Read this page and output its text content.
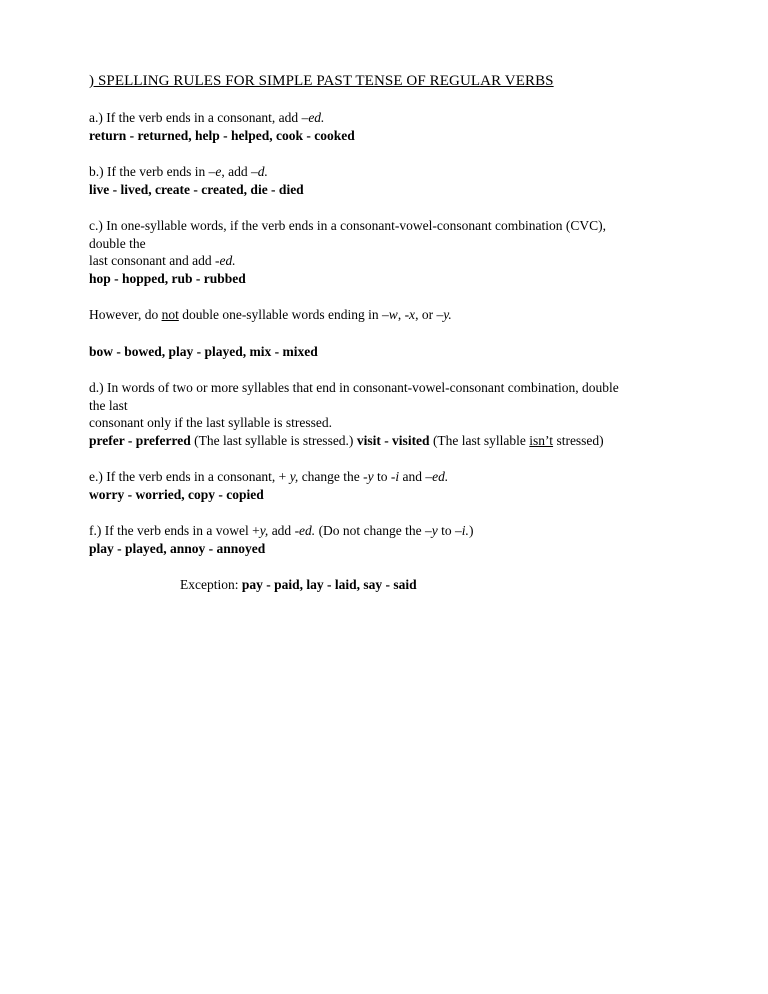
) SPELLING RULES FOR SIMPLE PAST TENSE OF REGULAR VERBS
a.) If the verb ends in a consonant, add –ed.
return - returned, help - helped, cook - cooked
b.) If the verb ends in –e, add –d.
live - lived, create - created, die - died
c.) In one-syllable words, if the verb ends in a consonant-vowel-consonant combination (CVC),
double the
last consonant and add -ed.
hop - hopped, rub - rubbed
However, do not double one-syllable words ending in –w, -x, or –y.
bow - bowed, play - played, mix - mixed
d.) In words of two or more syllables that end in consonant-vowel-consonant combination, double
the last
consonant only if the last syllable is stressed.
prefer - preferred (The last syllable is stressed.) visit - visited (The last syllable isn’t stressed)
e.) If the verb ends in a consonant, + y, change the -y to -i and –ed.
worry - worried, copy - copied
f.) If the verb ends in a vowel +y, add -ed. (Do not change the –y to –i.)
play - played, annoy - annoyed
Exception: pay - paid, lay - laid, say - said
